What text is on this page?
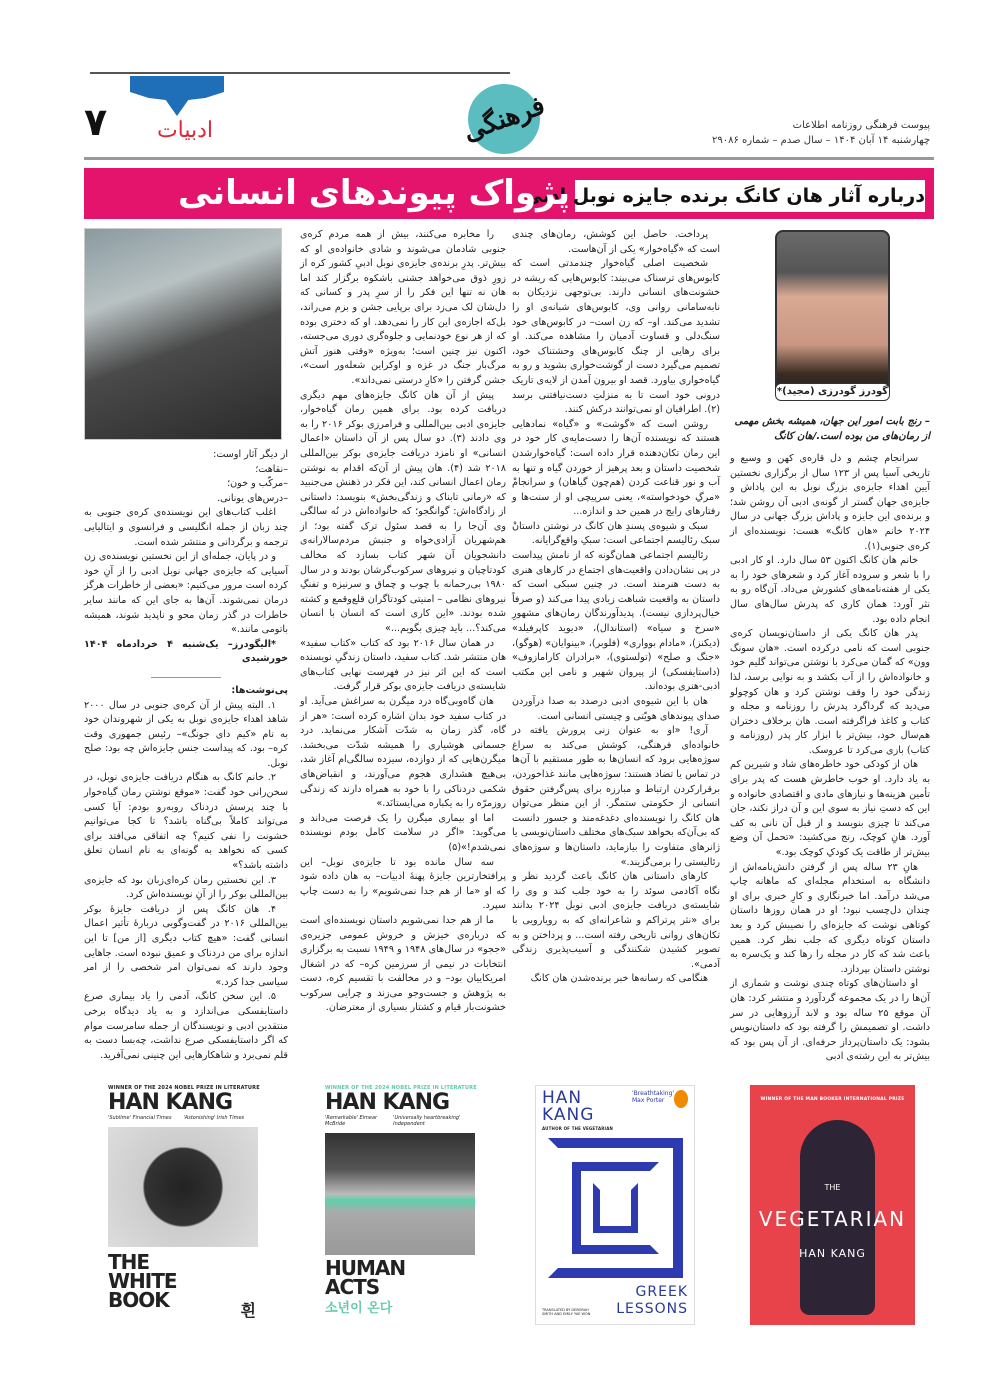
۷	ادبیات	فرهنگی	پیوست فرهنگی روزنامه اطلاعات
چهارشنبه ۱۴ آبان ۱۴۰۴ – سال صدم – شماره ۲۹۰۸۶
درباره آثار هان کانگ برنده جایزه نوبل ادبی
پژواک پیوندهای انسانی
گودرز گودرزی (مجید)*
– رنج بابت امور این جهان، همیشه بخش مهمی از رمان‌های من بوده است./هان کانگ

سرانجام چشم و دل قاره‌ی کهن و وسیع و تاریخی آسیا پس از ۱۲۳ سال از برگزاری نخستین آیین اهداء جایزه‌ی بزرگ نوبل به این پاداش و جایزه‌ی جهان گستر از گونه‌ی ادبی آن روشن شد؛ و برنده‌ی این جایزه و پاداش بزرگ جهانی در سال ۲۰۲۴ خانم «هان کانگ» هست: نویسنده‌ای از کره‌ی جنوبی(۱).

خانم هان کانگ اکنون ۵۳ سال دارد. او کار ادبی را با شعر و سروده آغاز کرد و شعرهای خود را به یکی از هفته‌نامه‌های کشورش می‌داد. آن‌گاه رو به نثر آورد: همان کاری که پدرش سال‌های سال انجام داده بود.

پدر هان کانگ یکی از داستان‌نویسان کره‌ی جنوبی است که نامی درکرده است. «هان سونگ وون» که گمان می‌کرد با نوشتن می‌تواند گلیم خود و خانواده‌اش را از آب بکشد و به نوایی برسد، لذا زندگی خود را وقف نوشتن کرد و هان کوچولو می‌دید که گرداگرد پدرش را روزنامه و مجله و کتاب و کاغذ فراگرفته است. هان برخلاف دختران هم‌سال خود، بیش‌تر با ابزار کار پدر (روزنامه و کتاب) بازی می‌کرد تا عروسک.

هان از کودکی خود خاطره‌های شاد و شیرین کم به یاد دارد. او خوب خاطرش هست که پدر برای تأمین هزینه‌ها و نیازهای مادی و اقتصادی خانواده و این که دستِ نیاز به سوی این و آن دراز نکند، جان می‌کند تا چیزی بنویسد و از قبل آن نانی به کف آورد. هانِ کوچک، رنج می‌کشید: «تحمل آن وضع بیش‌تر از طاقت یک کودکِ کوچک بود.»

هانِ ۲۳ ساله پس از گرفتن دانش‌نامه‌اش از دانشگاه به استخدام مجله‌ای که ماهانه چاپ می‌شد درآمد. اما خبرنگاری و کارِ خبری برای او چندان دل‌چسب نبود؛ او در همان روزها داستان کوتاهی نوشت که جایزه‌ای را نصیبش کرد و بعد داستان کوتاه دیگری که جلب نظر کرد. همین باعث شد که کار در مجله را رها کند و یک‌سره به نوشتن داستان بپردازد.

او داستان‌های کوتاه چندی نوشت و شماری از آن‌ها را در یک مجموعه گردآورد و منتشر کرد: هان آن موقع ۲۵ ساله بود و لابد آرزوهایی در سر داشت. او تصمیمش را گرفته بود که داستان‌نویس بشود: یک داستان‌پرداز حرفه‌ای. از آن پس بود که بیش‌تر به این رشته‌ی ادبی

پرداخت. حاصل این کوشش، رمان‌های چندی است که «گیاه‌خوار» یکی از آن‌هاست.

شخصیت اصلی گیاه‌خوار چندمدتی است که کابوس‌های ترسناک می‌بیند: کابوس‌هایی که ریشه در خشونت‌های انسانی دارند. بی‌توجهی نزدیکان به نابه‌سامانی روانی وی، کابوس‌های شبانه‌ی او را تشدید می‌کند. او– که زن است– در کابوس‌های خود سنگ‌دلی و قساوت آدمیان را مشاهده می‌کند. او برای رهایی از چنگ کابوس‌های وحشتناک خود، تصمیم می‌گیرد دست از گوشت‌خواری بشوید و رو به گیاه‌خواری بیاورد. قصد او بیرون آمدن از لایه‌ی تاریک درونی خود است تا به منزلتِ دست‌نیافتنی برسد (۲). اطرافیان او نمی‌توانند درکش کنند.

روشن است که «گوشت» و «گیاه» نمادهایی هستند که نویسنده آن‌ها را دست‌مایه‌ی کار خود در این رمان تکان‌دهنده قرار داده است: گیاه‌خوارشدن شخصیت داستان و بعد پرهیز از خوردن گیاه و تنها به آب و نور قناعت کردن (هم‌چون گیاهان) و سرانجامْ «مرگِ خودخواسته»، یعنی سرپیچی او از سنت‌ها و رفتارهای رایج در همین حد و اندازه...

سبک و شیوه‌ی پسندِ هان کانگ در نوشتن داستانْ سبک رئالیسم اجتماعی است: سبکِ واقع‌گرایانه.

رئالیسم اجتماعی همان‌گونه که از نامش پیداست در پی نشان‌دادن واقعیت‌های اجتماع در کارهای هنری به دست هنرمند است. در چنین سبکی است که داستان به واقعیت شباهت زیادی پیدا می‌کند (و صرفاً خیال‌پردازی نیست). پدیدآورندگان رمان‌های مشهورِ «سرخ و سیاه» (استاندال)، «دیوید کاپرفیلد» (دیکنز)، «مادام بوواری» (فلوبر)، «بینوایان» (هوگو)، «جنگ و صلح» (تولستوی)، «برادران کارامازوف» (داستایفسکی) از پیروان شهیر و نامی این مکتب ادبی-هنری بوده‌اند.

هان با این شیوه‌ی ادبی درصدد به صدا درآوردن صدای پیوندهای هویّتی و چیستی انسانی است.

آری! «او به عنوان زنی پرورش یافته در خانواده‌ای فرهنگی، کوشش می‌کند به سراغ سوژه‌هایی برود که انسان‌ها به طور مستقیم با آن‌ها در تماس یا تضاد هستند: سوژه‌هایی مانند غذاخوردن، برقرارکردن ارتباط و مبارزه برای پس‌گرفتن حقوق انسانی از حکومتی ستمگر. از این منظر می‌توان هان کانگ را نویسنده‌ای دغدغه‌مند و جسور دانست که بی‌آن‌که بخواهد سبک‌های مختلف داستان‌نویسی یا ژانرهای متفاوت را بیازماید، داستان‌ها و سوژه‌های رئالیستی را برمی‌گزیند.»

کارهای داستانی هان کانگ باعث گردید نظر و نگاه آکادمی سوئد را به خود جلب کند و وی را شایسته‌ی دریافت جایزه‌ی ادبی نوبل ۲۰۲۴ بدانند برای «نثر پرتراکم و شاعرانه‌ای که به رویارویی با تکان‌های روانی تاریخی رفته است... و پرداختن و به تصویر کشیدن شکنندگی و آسیب‌پذیری زندگی آدمی».

هنگامی که رسانه‌ها خبر برنده‌شدن هان کانگ

را مخابره می‌کنند، بیش از همه مردم کره‌ی جنوبی شادمان می‌شوند و شادی خانواده‌ی او که بیش‌تر. پدرِ برنده‌ی جایزه‌ی نوبل ادبیِ کشور کره از زورِ ذوق می‌خواهد جشنی باشکوه برگزار کند اما هان نه تنها این فکر را از سرِ پدر و کسانی که دل‌شان لک می‌زد برای برپایی جشن و بزم می‌راند، بل‌که اجازه‌ی این کار را نمی‌دهد. او که دختری بوده که از هر نوع خودنمایی و جلوه‌گری دوری می‌جسته، اکنون نیز چنین است؛ به‌ویژه «وقتی هنوز آتش مرگ‌بار جنگ در غزه و اوکراین شعله‌ور است»، جشن گرفتن را «کارِ درستی نمی‌داند».

پیش از آن هان کانگ جایزه‌های مهم دیگری دریافت کرده بود. برای همین رمان گیاه‌خوار، جایزه‌ی ادبی بین‌المللی و فرامرزی بوکر ۲۰۱۶ را به وی دادند (۳). دو سال پس از آن داستان «اعمال انسانی» او نامزد دریافت جایزه‌ی بوکر بین‌المللی ۲۰۱۸ شد (۴). هان پیش از آن‌که اقدام به نوشتن رمان اعمال انسانی کند، این فکر در ذهنش می‌جنبید که «رمانی تابناک و زندگی‌بخش» بنویسد: داستانی از زادگاه‌اش: گوانگجو؛ که خانواده‌اش در نُه سالگی وی آن‌جا را به قصد سئول ترک گفته بود؛ از هم‌شهریان آزادی‌خواه و جنبش مردم‌سالارانه‌ی دانشجویان آن شهر کتاب بسازد که مخالف کودتاچیان و نیروهای سرکوب‌گرشان بودند و در سال ۱۹۸۰ بی‌رحمانه با چوب و چماق و سرنیزه و تفنگِ نیروهای نظامی – امنیتی کودتاگران قلع‌وقمع و کشته شده بودند. «این کاری است که انسان با انسان می‌کند؟... باید چیزی بگویم...»

در همان سال ۲۰۱۶ بود که کتاب «کتاب سفید» هان منتشر شد. کتاب سفید، داستان زندگیِ نویسنده است که این اثر نیز در فهرست نهایی کتاب‌های شایسته‌ی دریافت جایزه‌ی بوکر قرار گرفت.

هان گاه‌وبی‌گاه درد میگرن به سراغش می‌آید. او در کتاب سفید خود بدان اشاره کرده است: «هر از گاه، گذر زمان به شدّت آشکار می‌نماید. درد جسمانی هوشیاری را همیشه شدّت می‌بخشد. میگرن‌هایی که از دوازده، سیزده سالگی‌ام آغاز شد، بی‌هیچ هشداری هجوم می‌آورند، و انقباض‌های شکمی دردناکی را با خود به همراه دارند که زندگی روزمرّه را به یکباره می‌ایستانَد.»

اما او بیماری میگرن را یک فرصت می‌داند و می‌گوید: «اگر در سلامت کامل بودم نویسنده نمی‌شدم!»(۵)

سه سال مانده بود تا جایزه‌ی نوبل– این پرافتخارترین جایزهٔ پهنهٔ ادبیات– به هان داده شود که او «ما از هم جدا نمی‌شویم» را به دست چاپ سپرد.

ما از هم جدا نمی‌شویم داستان نویسنده‌ای است که درباره‌ی خیزش و خروش عمومی جزیره‌ی «ججو» در سال‌های ۱۹۴۸ و ۱۹۴۹ نسبت به برگزاری انتخابات در نیمی از سرزمین کره– که در اشغال امریکاییان بود– و در مخالفت با تقسیم کره، دست به پژوهش و جست‌وجو می‌زند و چرایی سرکوب خشونت‌بار قیام و کشتار بسیاری از معترضان.

از دیگر آثار اوست:

–نقاهت؛

–مرکّب و خون؛

–درس‌های یونانی.

اغلب کتاب‌های این نویسنده‌ی کره‌ی جنوبی به چند زبان از جمله انگلیسی و فرانسوی و ایتالیایی ترجمه و برگردانی و منتشر شده است.

و در پایان، جمله‌ای از این نخستین نویسنده‌ی زن آسیایی که جایزه‌ی جهانی نوبل ادبی را از آنِ خود کرده است مرور می‌کنیم: «بعضی از خاطرات هرگز درمان نمی‌شوند. آن‌ها به جای این که مانند سایر خاطرات در گذر زمان محو و ناپدید شوند، همیشه باتومی مانند.»

*الیگودرز– یک‌شنبه ۴ خردادماه ۱۴۰۴ خورشیدی

پی‌نوشت‌ها:

۱. البته پیش از آن کره‌ی جنوبی در سال ۲۰۰۰ شاهد اهداء جایزه‌ی نوبل به یکی از شهروندان خود به نام «کیم دای جونگ»– رئیس جمهوری وقت کره– بود. که پیداست جنس جایزه‌اش چه بود: صلح نوبل.

۲. خانم کانگ به هنگام دریافت جایزه‌ی نوبل، در سخن‌رانی خود گفت: «موقع نوشتن رمان گیاه‌خوار با چند پرسش دردناک روبه‌رو بودم: آیا کسی می‌تواند کاملاً بی‌گناه باشد؟ تا کجا می‌توانیم خشونت را نفی کنیم؟ چه اتفاقی می‌افتد برای کسی که نخواهد به گونه‌ای به نام انسان تعلق داشته باشد؟»

۳. این نخستین رمان کره‌ای‌زبان بود که جایزه‌ی بین‌المللی بوکر را از آنِ نویسنده‌اش کرد.

۴. هان کانگ پس از دریافت جایزهٔ بوکر بین‌المللی ۲۰۱۶ در گفت‌وگویی دربارهٔ تأثیر اعمال انسانی گفت: «هیچ کتاب دیگری [از من] تا این اندازه برای من دردناک و عمیق نبوده است. جاهایی وجود دارند که نمی‌توان امر شخصی را از امر سیاسی جدا کرد.»

۵. این سخن کانگ، آدمی را یاد بیماری صرع داستایفسکی می‌اندازد و به یاد دیدگاه برخی منتقدین ادبی و نویسندگان از جمله سامرست موام که اگر داستایفسکی صرع نداشت، چه‌بسا دست به قلم نمی‌برد و شاهکارهایی این چنینی نمی‌آفرید.

WINNER OF THE 2024 NOBEL PRIZE IN LITERATURE
HAN KANG
'Sublime' Financial Times 'Astonishing' Irish Times
THE WHITE BOOK	흰
WINNER OF THE 2024 NOBEL PRIZE IN LITERATURE
HAN KANG
'Remarkable' Eimear McBride
'Universally heartbreaking' Independent
HUMAN ACTS
소년이 온다
HAN KANG
'Breathtaking' Max Porter
AUTHOR OF THE VEGETARIAN
GREEK LESSONS
TRANSLATED BY DEBORAH SMITH AND EMILY YAE WON
WINNER OF THE MAN BOOKER INTERNATIONAL PRIZE
THE
VEGETARIAN
HAN KANG
